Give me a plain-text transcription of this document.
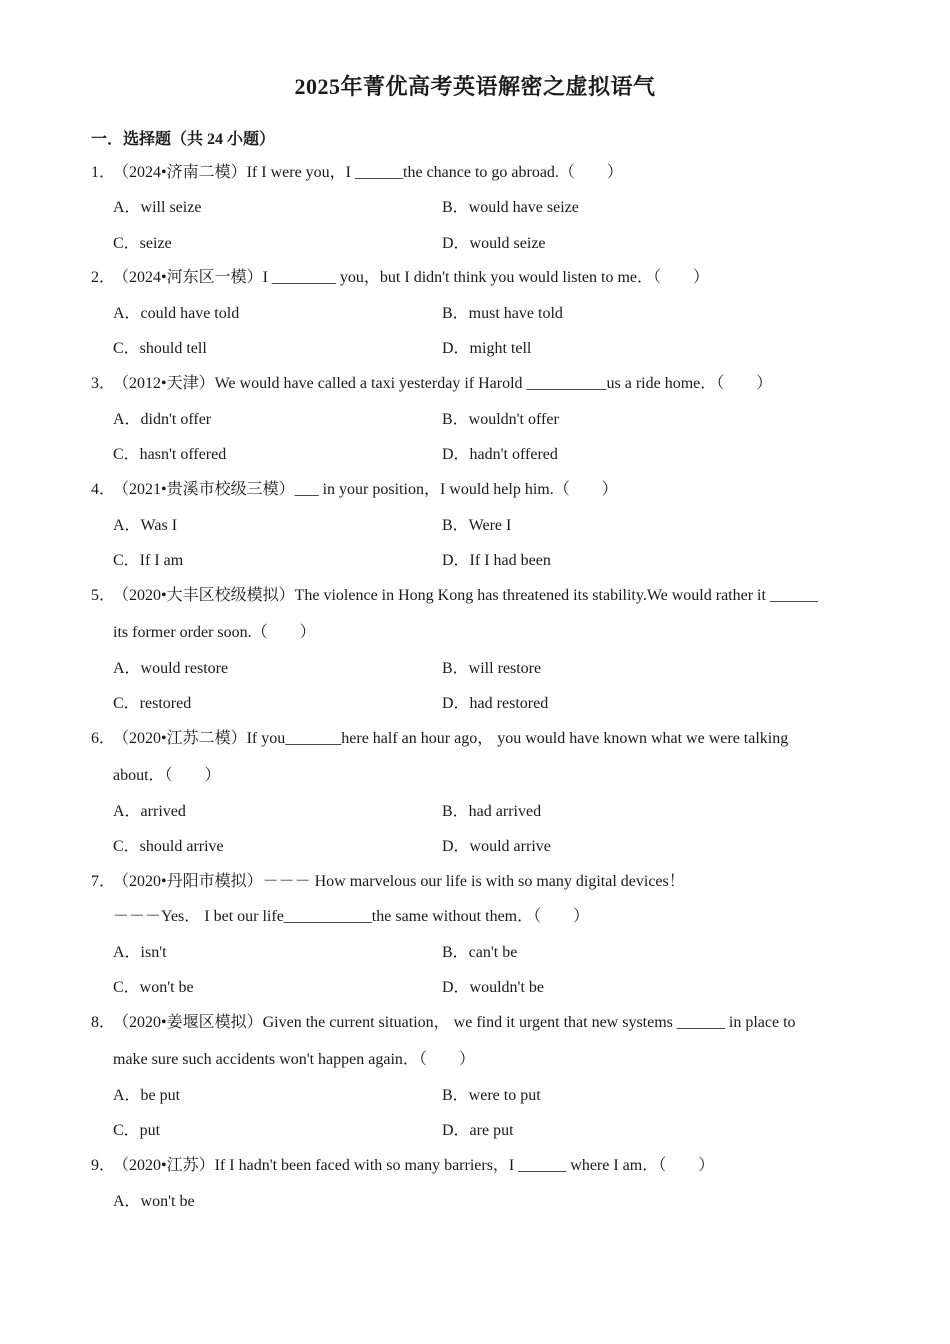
2025年菁优高考英语解密之虚拟语气
一．选择题（共 24 小题）
1．（2024•济南二模）If I were you，I ______the chance to go abroad.（　　）
A．will seize	B．would have seize
C．seize	D．would seize
2．（2024•河东区一模）I ________ you，but I didn't think you would listen to me．（　　）
A．could have told	B．must have told
C．should tell	D．might tell
3．（2012•天津）We would have called a taxi yesterday if Harold __________us a ride home．（　　）
A．didn't offer	B．wouldn't offer
C．hasn't offered	D．hadn't offered
4．（2021•贵溪市校级三模）___ in your position，I would help him.（　　）
A．Was I	B．Were I
C．If I am	D．If I had been
5．（2020•大丰区校级模拟）The violence in Hong Kong has threatened its stability.We would rather it ______
its former order soon.（　　）
A．would restore	B．will restore
C．restored	D．had restored
6．（2020•江苏二模）If you_______here half an hour ago， you would have known what we were talking
about．（　　）
A．arrived	B．had arrived
C．should arrive	D．would arrive
7．（2020•丹阳市模拟）－－－ How marvelous our life is with so many digital devices！
－－－Yes． I bet our life___________the same without them．（　　）
A．isn't	B．can't be
C．won't be	D．wouldn't be
8．（2020•姜堰区模拟）Given the current situation， we find it urgent that new systems ______ in place to
make sure such accidents won't happen again．（　　）
A．be put	B．were to put
C．put	D．are put
9．（2020•江苏）If I hadn't been faced with so many barriers，I ______ where I am．（　　）
A．won't be
